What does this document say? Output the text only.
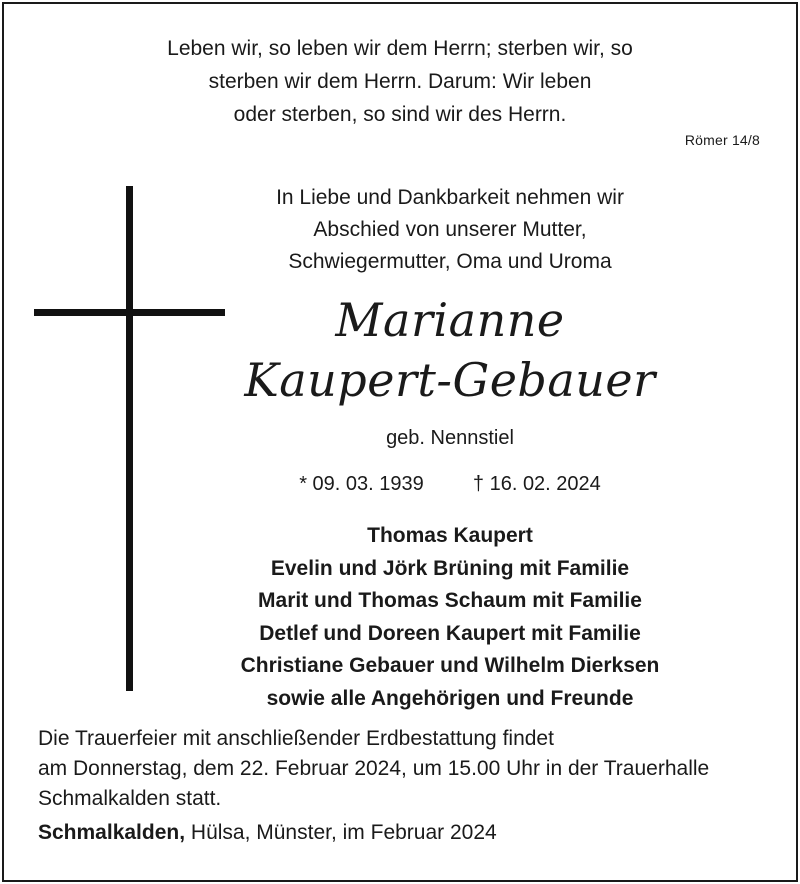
Leben wir, so leben wir dem Herrn; sterben wir, so
sterben wir dem Herrn. Darum: Wir leben
oder sterben, so sind wir des Herrn.
Römer 14/8
In Liebe und Dankbarkeit nehmen wir
Abschied von unserer Mutter,
Schwiegermutter, Oma und Uroma
Marianne
Kaupert-Gebauer
geb. Nennstiel
* 09. 03. 1939 † 16. 02. 2024
Thomas Kaupert
Evelin und Jörk Brüning mit Familie
Marit und Thomas Schaum mit Familie
Detlef und Doreen Kaupert mit Familie
Christiane Gebauer und Wilhelm Dierksen
sowie alle Angehörigen und Freunde
Die Trauerfeier mit anschließender Erdbestattung findet
am Donnerstag, dem 22. Februar 2024, um 15.00 Uhr in der Trauerhalle
Schmalkalden statt.
Schmalkalden, Hülsa, Münster, im Februar 2024
